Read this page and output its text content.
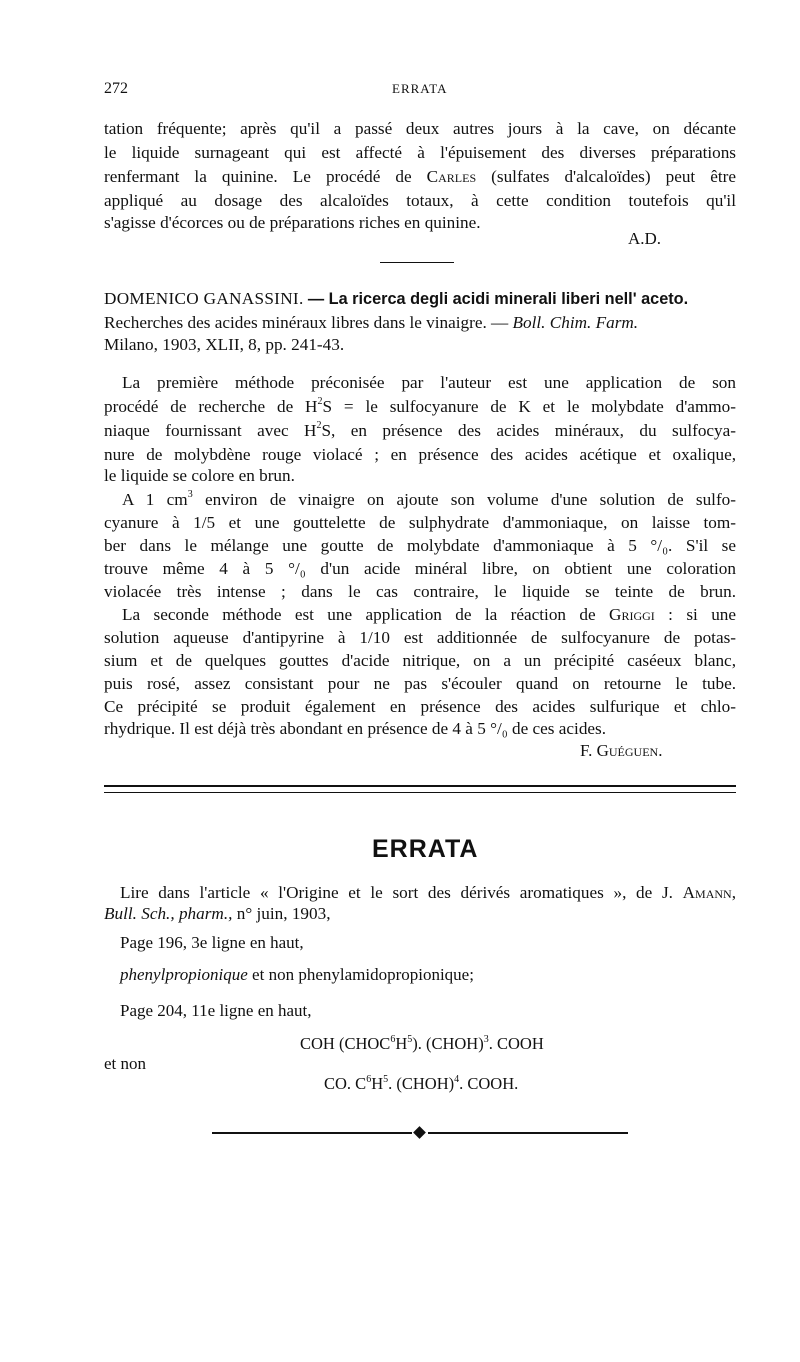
272	ERRATA
tation fréquente; après qu'il a passé deux autres jours à la cave, on décante
le liquide surnageant qui est affecté à l'épuisement des diverses préparations
renfermant la quinine. Le procédé de Carles (sulfates d'alcaloïdes) peut être
appliqué au dosage des alcaloïdes totaux, à cette condition toutefois qu'il
s'agisse d'écorces ou de préparations riches en quinine.
A.D.
DOMENICO GANASSINI. — La ricerca degli acidi minerali liberi nell' aceto.
Recherches des acides minéraux libres dans le vinaigre. — Boll. Chim. Farm.
Milano, 1903, XLII, 8, pp. 241-43.
La première méthode préconisée par l'auteur est une application de son
procédé de recherche de $H^2S$ = le sulfocyanure de K et le molybdate d'ammo-
niaque fournissant avec $H^2S$, en présence des acides minéraux, du sulfocya-
nure de molybdène rouge violacé ; en présence des acides acétique et oxalique,
le liquide se colore en brun.
A 1 $cm^3$ environ de vinaigre on ajoute son volume d'une solution de sulfo-
cyanure à 1/5 et une gouttelette de sulphydrate d'ammoniaque, on laisse tom-
ber dans le mélange une goutte de molybdate d'ammoniaque à 5 °/₀. S'il se
trouve même 4 à 5 °/₀ d'un acide minéral libre, on obtient une coloration
violacée très intense ; dans le cas contraire, le liquide se teinte de brun.
La seconde méthode est une application de la réaction de Griggi : si une
solution aqueuse d'antipyrine à 1/10 est additionnée de sulfocyanure de potas-
sium et de quelques gouttes d'acide nitrique, on a un précipité caséeux blanc,
puis rosé, assez consistant pour ne pas s'écouler quand on retourne le tube.
Ce précipité se produit également en présence des acides sulfurique et chlo-
rhydrique. Il est déjà très abondant en présence de 4 à 5 °/₀ de ces acides.
F. Guéguen.
ERRATA
Lire dans l'article « l'Origine et le sort des dérivés aromatiques », de J. Amann,
Bull. Sch., pharm., n° juin, 1903,
Page 196, 3e ligne en haut,
phenylpropionique et non phenylamidopropionique;
Page 204, 11e ligne en haut,
COH $(CHOC^6H^5)$. (CHOH)$^3$. COOH
et non
CO. $C^6H^5$. (CHOH)$^4$. COOH.
